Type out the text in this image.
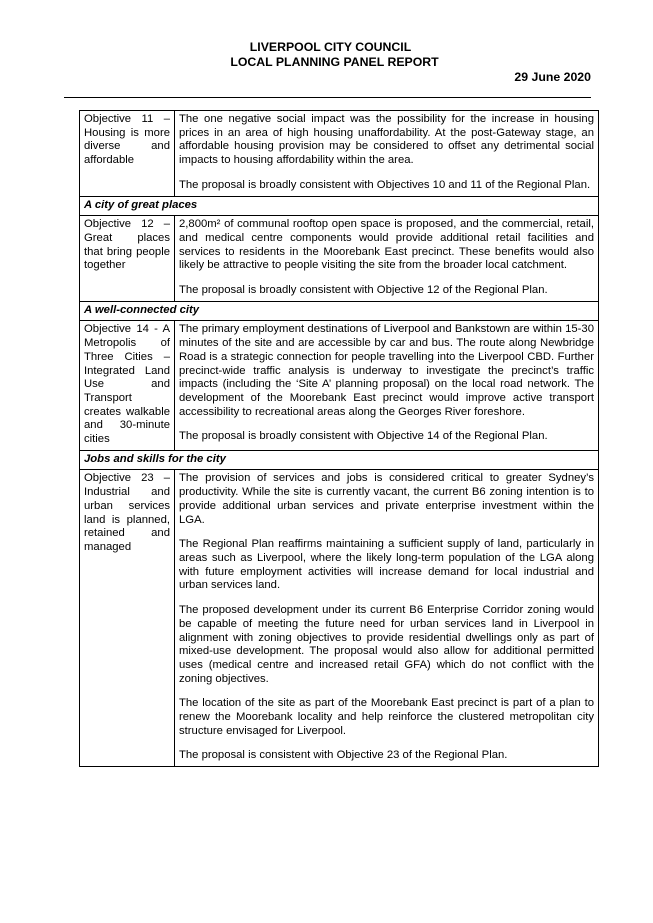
LIVERPOOL CITY COUNCIL
LOCAL PLANNING PANEL REPORT
29 June 2020
Objective 11 – Housing is more diverse and affordable	The one negative social impact was the possibility for the increase in housing prices in an area of high housing unaffordability. At the post-Gateway stage, an affordable housing provision may be considered to offset any detrimental social impacts to housing affordability within the area.

The proposal is broadly consistent with Objectives 10 and 11 of the Regional Plan.

A city of great places	
Objective 12 – Great places that bring people together	2,800m² of communal rooftop open space is proposed, and the commercial, retail, and medical centre components would provide additional retail facilities and services to residents in the Moorebank East precinct. These benefits would also likely be attractive to people visiting the site from the broader local catchment.

The proposal is broadly consistent with Objective 12 of the Regional Plan.

A well-connected city	
Objective 14 - A Metropolis of Three Cities – Integrated Land Use and Transport creates walkable and 30-minute cities	The primary employment destinations of Liverpool and Bankstown are within 15-30 minutes of the site and are accessible by car and bus. The route along Newbridge Road is a strategic connection for people travelling into the Liverpool CBD. Further precinct-wide traffic analysis is underway to investigate the precinct’s traffic impacts (including the ‘Site A’ planning proposal) on the local road network. The development of the Moorebank East precinct would improve active transport accessibility to recreational areas along the Georges River foreshore.

The proposal is broadly consistent with Objective 14 of the Regional Plan.

Jobs and skills for the city	
Objective 23 – Industrial and urban services land is planned, retained and managed	The provision of services and jobs is considered critical to greater Sydney’s productivity. While the site is currently vacant, the current B6 zoning intention is to provide additional urban services and private enterprise investment within the LGA.

The Regional Plan reaffirms maintaining a sufficient supply of land, particularly in areas such as Liverpool, where the likely long-term population of the LGA along with future employment activities will increase demand for local industrial and urban services land.

The proposed development under its current B6 Enterprise Corridor zoning would be capable of meeting the future need for urban services land in Liverpool in alignment with zoning objectives to provide residential dwellings only as part of mixed-use development. The proposal would also allow for additional permitted uses (medical centre and increased retail GFA) which do not conflict with the zoning objectives.

The location of the site as part of the Moorebank East precinct is part of a plan to renew the Moorebank locality and help reinforce the clustered metropolitan city structure envisaged for Liverpool.

The proposal is consistent with Objective 23 of the Regional Plan.
